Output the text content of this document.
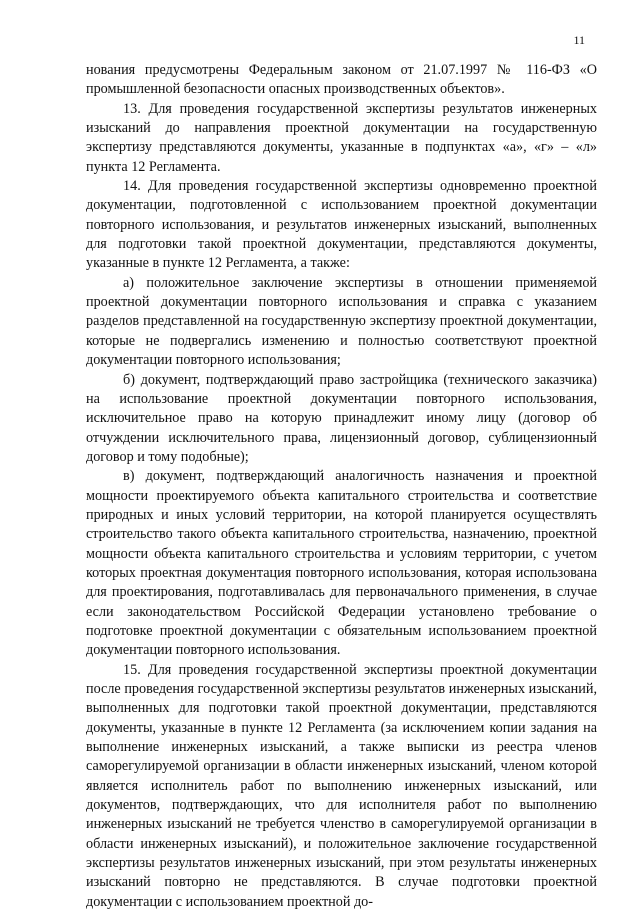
11

нования предусмотрены Федеральным законом от 21.07.1997 № 116-ФЗ «О промышленной безопасности опасных производственных объектов».

13. Для проведения государственной экспертизы результатов инженерных изысканий до направления проектной документации на государственную экспертизу представляются документы, указанные в подпунктах «а», «г» – «л» пункта 12 Регламента.

14. Для проведения государственной экспертизы одновременно проектной документации, подготовленной с использованием проектной документации повторного использования, и результатов инженерных изысканий, выполненных для подготовки такой проектной документации, представляются документы, указанные в пункте 12 Регламента, а также:

а) положительное заключение экспертизы в отношении применяемой проектной документации повторного использования и справка с указанием разделов представленной на государственную экспертизу проектной документации, которые не подвергались изменению и полностью соответствуют проектной документации повторного использования;

б) документ, подтверждающий право застройщика (технического заказчика) на использование проектной документации повторного использования, исключительное право на которую принадлежит иному лицу (договор об отчуждении исключительного права, лицензионный договор, сублицензионный договор и тому подобные);

в) документ, подтверждающий аналогичность назначения и проектной мощности проектируемого объекта капитального строительства и соответствие природных и иных условий территории, на которой планируется осуществлять строительство такого объекта капитального строительства, назначению, проектной мощности объекта капитального строительства и условиям территории, с учетом которых проектная документация повторного использования, которая использована для проектирования, подготавливалась для первоначального применения, в случае если законодательством Российской Федерации установлено требование о подготовке проектной документации с обязательным использованием проектной документации повторного использования.

15. Для проведения государственной экспертизы проектной документации после проведения государственной экспертизы результатов инженерных изысканий, выполненных для подготовки такой проектной документации, представляются документы, указанные в пункте 12 Регламента (за исключением копии задания на выполнение инженерных изысканий, а также выписки из реестра членов саморегулируемой организации в области инженерных изысканий, членом которой является исполнитель работ по выполнению инженерных изысканий, или документов, подтверждающих, что для исполнителя работ по выполнению инженерных изысканий не требуется членство в саморегулируемой организации в области инженерных изысканий), и положительное заключение государственной экспертизы результатов инженерных изысканий, при этом результаты инженерных изысканий повторно не представляются. В случае подготовки проектной документации с использованием проектной до-
